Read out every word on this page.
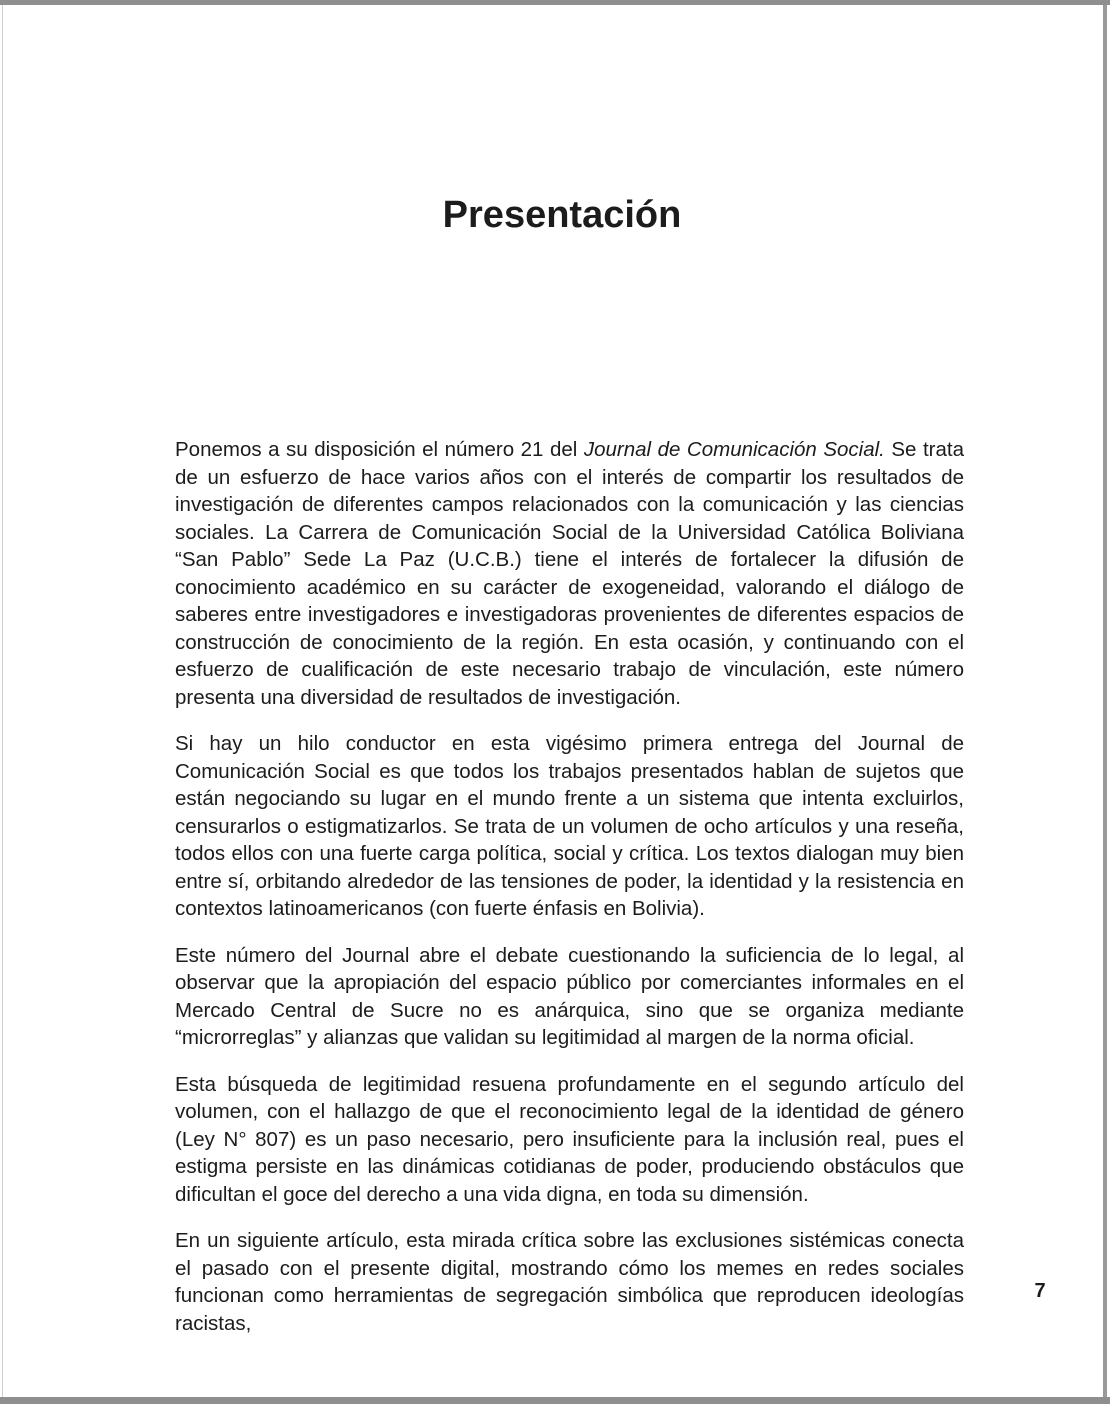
Presentación

Ponemos a su disposición el número 21 del Journal de Comunicación Social. Se trata de un esfuerzo de hace varios años con el interés de compartir los resultados de investigación de diferentes campos relacionados con la comunicación y las ciencias sociales. La Carrera de Comunicación Social de la Universidad Católica Boliviana “San Pablo” Sede La Paz (U.C.B.) tiene el interés de fortalecer la difusión de conocimiento académico en su carácter de exogeneidad, valorando el diálogo de saberes entre investigadores e investigadoras provenientes de diferentes espacios de construcción de conocimiento de la región. En esta ocasión, y continuando con el esfuerzo de cualificación de este necesario trabajo de vinculación, este número presenta una diversidad de resultados de investigación.

Si hay un hilo conductor en esta vigésimo primera entrega del Journal de Comunicación Social es que todos los trabajos presentados hablan de sujetos que están negociando su lugar en el mundo frente a un sistema que intenta excluirlos, censurarlos o estigmatizarlos. Se trata de un volumen de ocho artículos y una reseña, todos ellos con una fuerte carga política, social y crítica. Los textos dialogan muy bien entre sí, orbitando alrededor de las tensiones de poder, la identidad y la resistencia en contextos latinoamericanos (con fuerte énfasis en Bolivia).

Este número del Journal abre el debate cuestionando la suficiencia de lo legal, al observar que la apropiación del espacio público por comerciantes informales en el Mercado Central de Sucre no es anárquica, sino que se organiza mediante “microrreglas” y alianzas que validan su legitimidad al margen de la norma oficial.

Esta búsqueda de legitimidad resuena profundamente en el segundo artículo del volumen, con el hallazgo de que el reconocimiento legal de la identidad de género (Ley N° 807) es un paso necesario, pero insuficiente para la inclusión real, pues el estigma persiste en las dinámicas cotidianas de poder, produciendo obstáculos que dificultan el goce del derecho a una vida digna, en toda su dimensión.

En un siguiente artículo, esta mirada crítica sobre las exclusiones sistémicas conecta el pasado con el presente digital, mostrando cómo los memes en redes sociales funcionan como herramientas de segregación simbólica que reproducen ideologías racistas,

7
